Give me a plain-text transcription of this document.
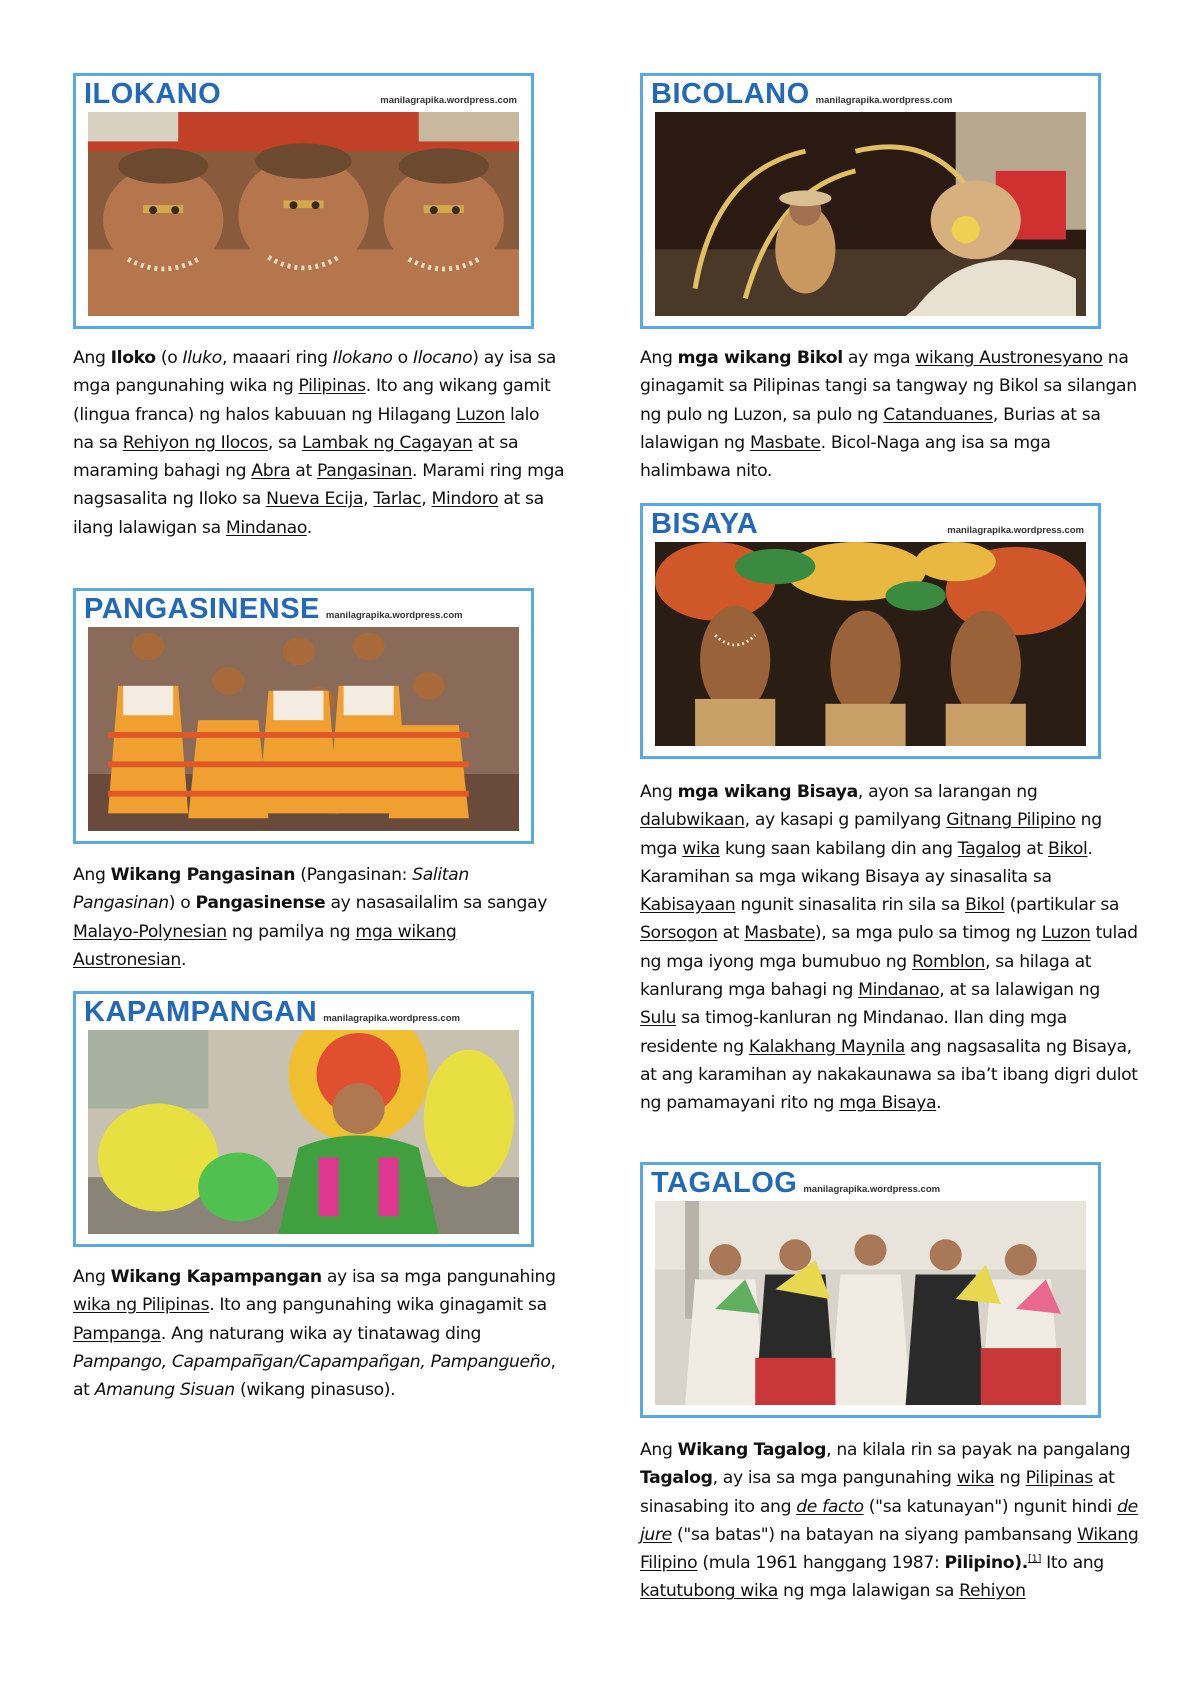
ILOKANO	manilagrapika.wordpress.com	BICOLANO manilagrapika.wordpress.com
Ang Iloko (o Iluko, maaari ring Ilokano o Ilocano) ay isa sa mga pangunahing wika ng Pilipinas. Ito ang wikang gamit (lingua franca) ng halos kabuuan ng Hilagang Luzon lalo na sa Rehiyon ng Ilocos, sa Lambak ng Cagayan at sa maraming bahagi ng Abra at Pangasinan. Marami ring mga nagsasalita ng Iloko sa Nueva Ecija, Tarlac, Mindoro at sa ilang lalawigan sa Mindanao.
Ang mga wikang Bikol ay mga wikang Austronesyano na ginagamit sa Pilipinas tangi sa tangway ng Bikol sa silangan ng pulo ng Luzon, sa pulo ng Catanduanes, Burias at sa lalawigan ng Masbate. Bicol-Naga ang isa sa mga halimbawa nito.
BISAYA	manilagrapika.wordpress.com
PANGASINENSE manilagrapika.wordpress.com
Ang mga wikang Bisaya, ayon sa larangan ng dalubwikaan, ay kasapi g pamilyang Gitnang Pilipino ng mga wika kung saan kabilang din ang Tagalog at Bikol. Karamihan sa mga wikang Bisaya ay sinasalita sa Kabisayaan ngunit sinasalita rin sila sa Bikol (partikular sa Sorsogon at Masbate), sa mga pulo sa timog ng Luzon tulad ng mga iyong mga bumubuo ng Romblon, sa hilaga at kanlurang mga bahagi ng Mindanao, at sa lalawigan ng Sulu sa timog-kanluran ng Mindanao. Ilan ding mga residente ng Kalakhang Maynila ang nagsasalita ng Bisaya, at ang karamihan ay nakakaunawa sa iba’t ibang digri dulot ng pamamayani rito ng mga Bisaya.
Ang Wikang Pangasinan (Pangasinan: Salitan Pangasinan) o Pangasinense ay nasasailalim sa sangay Malayo-Polynesian ng pamilya ng mga wikang Austronesian.
KAPAMPANGAN manilagrapika.wordpress.com
TAGALOG manilagrapika.wordpress.com
Ang Wikang Kapampangan ay isa sa mga pangunahing wika ng Pilipinas. Ito ang pangunahing wika ginagamit sa Pampanga. Ang naturang wika ay tinatawag ding Pampango, Capampan̅gan/Capampañgan, Pampangueño, at Amanung Sisuan (wikang pinasuso).
Ang Wikang Tagalog, na kilala rin sa payak na pangalang Tagalog, ay isa sa mga pangunahing wika ng Pilipinas at sinasabing ito ang de facto ("sa katunayan") ngunit hindi de jure ("sa batas") na batayan na siyang pambansang Wikang Filipino (mula 1961 hanggang 1987: Pilipino).[1] Ito ang katutubong wika ng mga lalawigan sa Rehiyon
